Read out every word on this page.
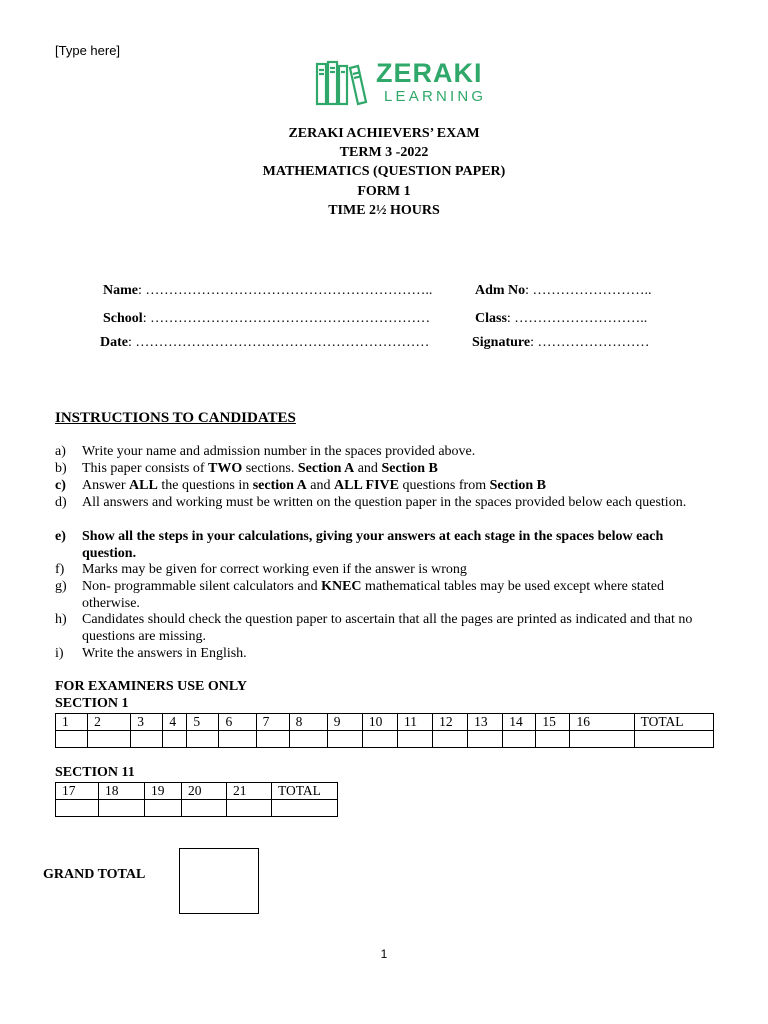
[Type here]
ZERAKI
LEARNING
ZERAKI ACHIEVERS’ EXAM
TERM 3 -2022
MATHEMATICS (QUESTION PAPER)
FORM 1
TIME 2½ HOURS
Name: ……………………………………………………..	Adm No: ……………………..
School: ……………………………………………………	Class: ………………………..
Date: ………………………………………………………	Signature: ……………………
INSTRUCTIONS TO CANDIDATES
a) Write your name and admission number in the spaces provided above.
b) This paper consists of TWO sections. Section A and Section B
c) Answer ALL the questions in section A and ALL FIVE questions from Section B
d) All answers and working must be written on the question paper in the spaces provided below each question.
e) Show all the steps in your calculations, giving your answers at each stage in the spaces below each question.
f) Marks may be given for correct working even if the answer is wrong
g) Non- programmable silent calculators and KNEC mathematical tables may be used except where stated otherwise.
h) Candidates should check the question paper to ascertain that all the pages are printed as indicated and that no questions are missing.
i) Write the answers in English.
FOR EXAMINERS USE ONLY
SECTION 1
1	2	3	4	5	6	7	8	9	10	11	12	13	14	15	16	TOTAL

SECTION 11
17	18	19	20	21	TOTAL

GRAND TOTAL
1
